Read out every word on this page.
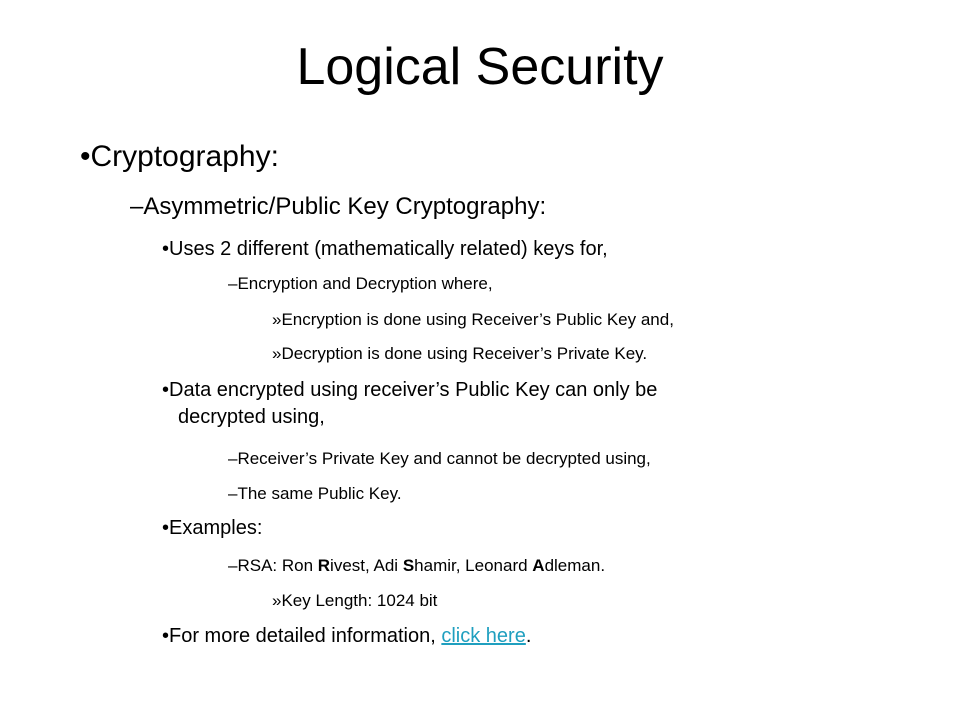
Logical Security
•Cryptography:
–Asymmetric/Public Key Cryptography:
•Uses 2 different (mathematically related) keys for,
–Encryption and Decryption where,
»Encryption is done using Receiver’s Public Key and,
»Decryption is done using Receiver’s Private Key.
•Data encrypted using receiver’s Public Key can only be
decrypted using,
–Receiver’s Private Key and cannot be decrypted using,
–The same Public Key.
•Examples:
–RSA: Ron Rivest, Adi Shamir, Leonard Adleman.
»Key Length: 1024 bit
•For more detailed information, click here.
